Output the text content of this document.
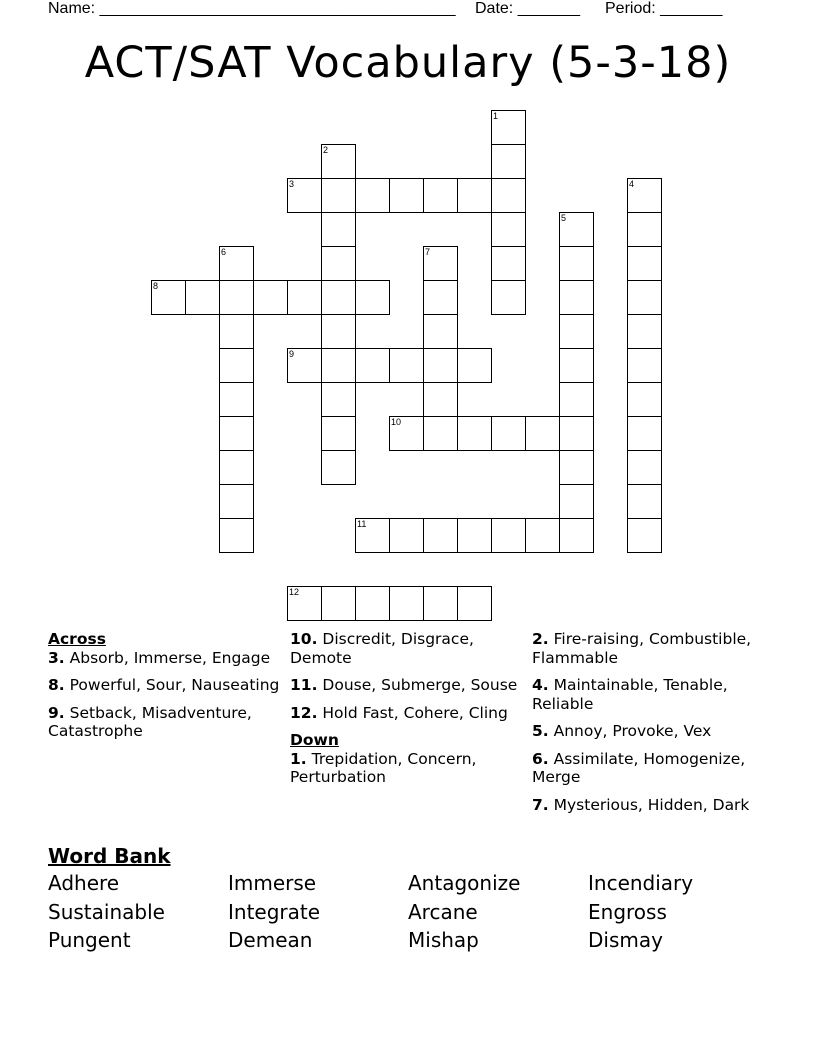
Name: ________________________________________ Date: _______ Period: _______
ACT/SAT Vocabulary (5-3-18)
1
2
3	4
5
6	7
8
9
10
11
12
Across
3. Absorb, Immerse, Engage
8. Powerful, Sour, Nauseating
9. Setback, Misadventure, Catastrophe
10. Discredit, Disgrace, Demote
11. Douse, Submerge, Souse
12. Hold Fast, Cohere, Cling
Down
1. Trepidation, Concern, Perturbation
2. Fire-raising, Combustible, Flammable
4. Maintainable, Tenable, Reliable
5. Annoy, Provoke, Vex
6. Assimilate, Homogenize, Merge
7. Mysterious, Hidden, Dark
Word Bank
Adhere	Immerse	Antagonize	Incendiary
Sustainable	Integrate	Arcane	Engross
Pungent	Demean	Mishap	Dismay
